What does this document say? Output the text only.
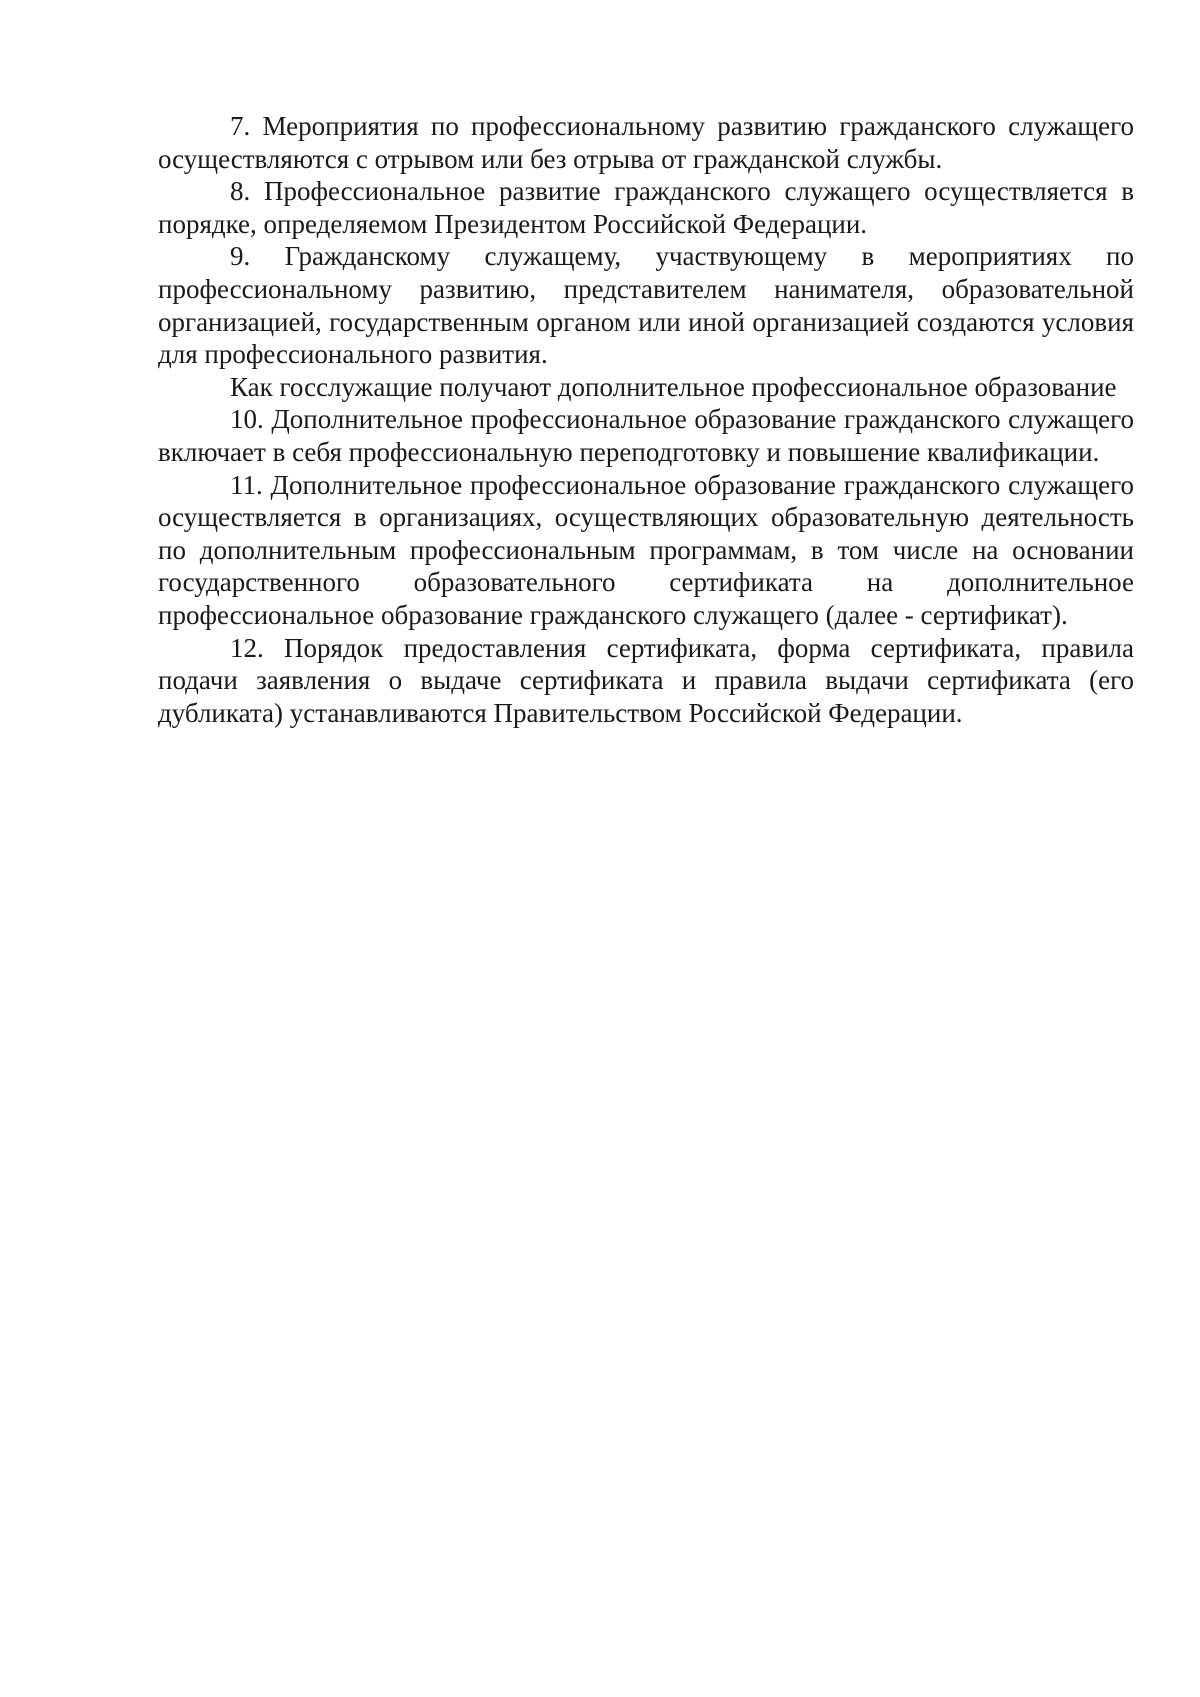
7. Мероприятия по профессиональному развитию гражданского служащего осуществляются с отрывом или без отрыва от гражданской службы.

8. Профессиональное развитие гражданского служащего осуществляется в порядке, определяемом Президентом Российской Федерации.

9. Гражданскому служащему, участвующему в мероприятиях по профессиональному развитию, представителем нанимателя, образовательной организацией, государственным органом или иной организацией создаются условия для профессионального развития.

Как госслужащие получают дополнительное профессиональное образование

10. Дополнительное профессиональное образование гражданского служащего включает в себя профессиональную переподготовку и повышение квалификации.

11. Дополнительное профессиональное образование гражданского служащего осуществляется в организациях, осуществляющих образовательную деятельность по дополнительным профессиональным программам, в том числе на основании государственного образовательного сертификата на дополнительное профессиональное образование гражданского служащего (далее - сертификат).

12. Порядок предоставления сертификата, форма сертификата, правила подачи заявления о выдаче сертификата и правила выдачи сертификата (его дубликата) устанавливаются Правительством Российской Федерации.
